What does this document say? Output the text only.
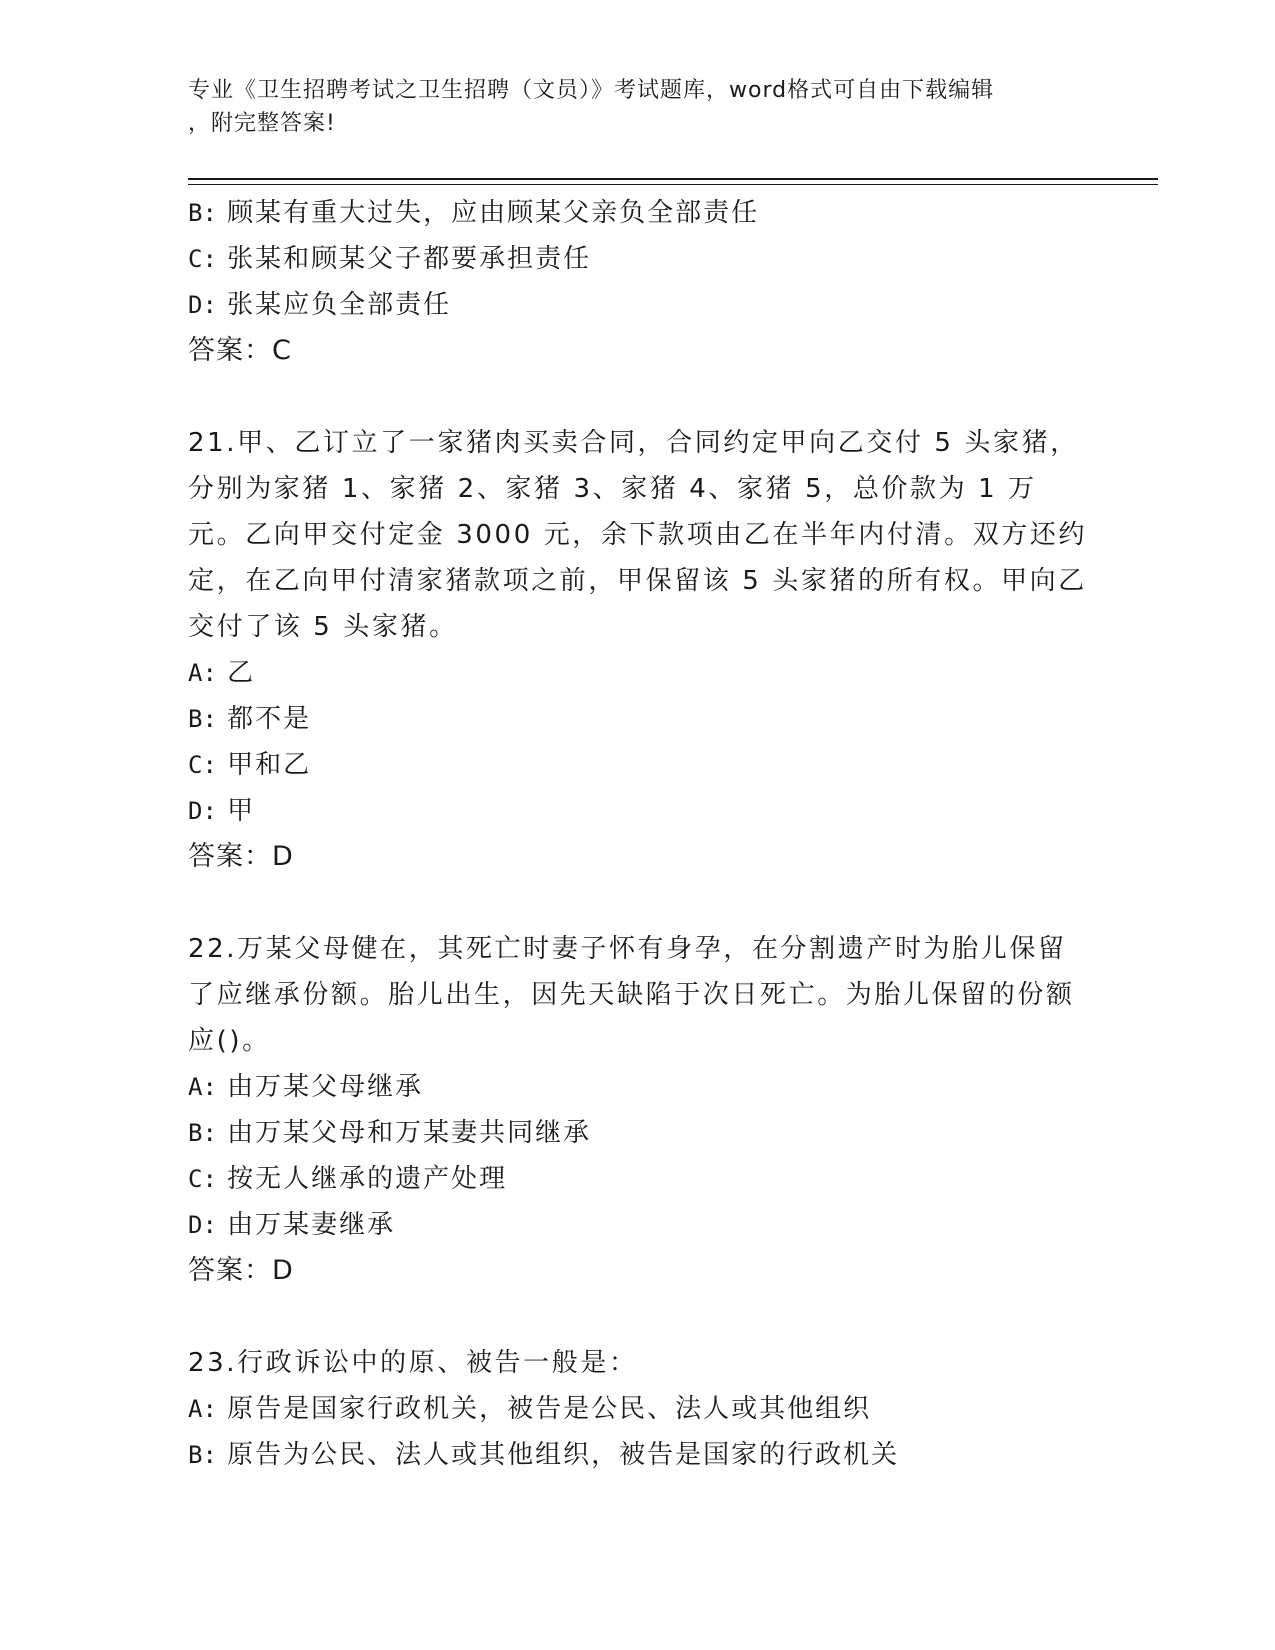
专业《卫生招聘考试之卫生招聘（文员）》考试题库，word格式可自由下载编辑
，附完整答案!
B: 顾某有重大过失，应由顾某父亲负全部责任
C: 张某和顾某父子都要承担责任
D: 张某应负全部责任
答案：C
21.甲、乙订立了一家猪肉买卖合同，合同约定甲向乙交付 5 头家猪，分别为家猪 1、家猪 2、家猪 3、家猪 4、家猪 5，总价款为 1 万元。乙向甲交付定金 3000 元，余下款项由乙在半年内付清。双方还约定，在乙向甲付清家猪款项之前，甲保留该 5 头家猪的所有权。甲向乙交付了该 5 头家猪。
A: 乙
B: 都不是
C: 甲和乙
D: 甲
答案：D
22.万某父母健在，其死亡时妻子怀有身孕，在分割遗产时为胎儿保留了应继承份额。胎儿出生，因先天缺陷于次日死亡。为胎儿保留的份额应()。
A: 由万某父母继承
B: 由万某父母和万某妻共同继承
C: 按无人继承的遗产处理
D: 由万某妻继承
答案：D
23.行政诉讼中的原、被告一般是：
A: 原告是国家行政机关，被告是公民、法人或其他组织
B: 原告为公民、法人或其他组织，被告是国家的行政机关
